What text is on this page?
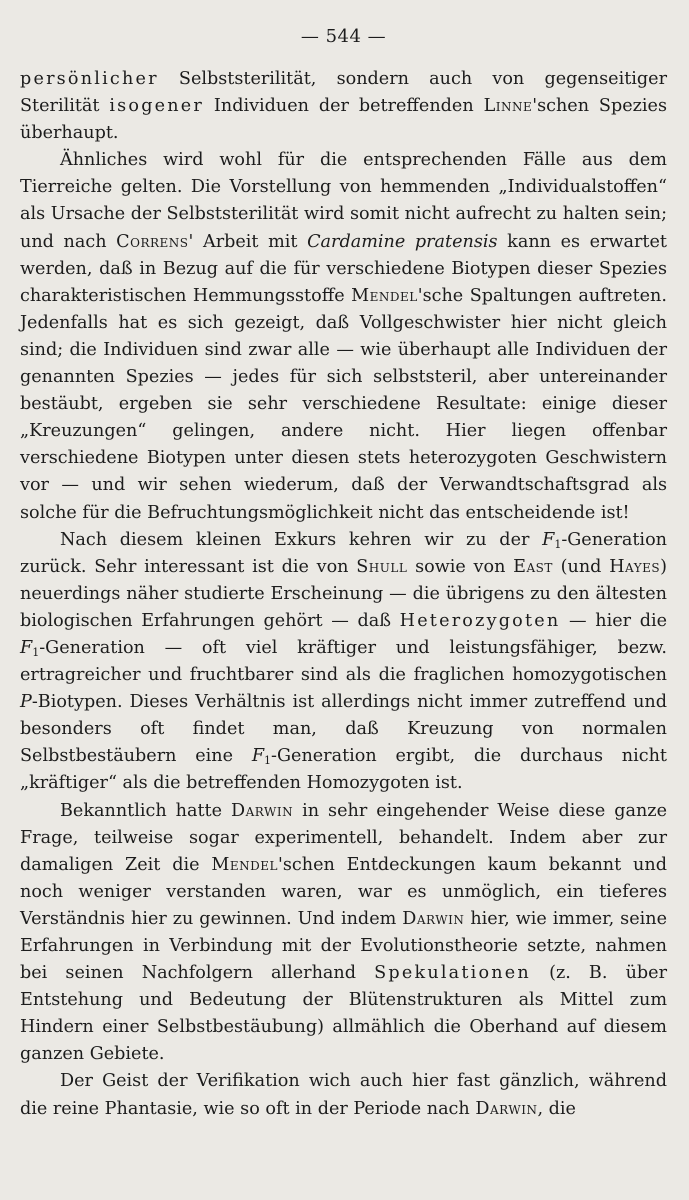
— 544 —

persönlicher Selbststerilität, sondern auch von gegenseitiger Sterilität isogener Individuen der betreffenden Linne'schen Spezies überhaupt.

Ähnliches wird wohl für die entsprechenden Fälle aus dem Tierreiche gelten. Die Vorstellung von hemmenden „Individualstoffen“ als Ursache der Selbststerilität wird somit nicht aufrecht zu halten sein; und nach Correns' Arbeit mit Cardamine pratensis kann es erwartet werden, daß in Bezug auf die für verschiedene Biotypen dieser Spezies charakteristischen Hemmungsstoffe Mendel'sche Spaltungen auftreten. Jedenfalls hat es sich gezeigt, daß Vollgeschwister hier nicht gleich sind; die Individuen sind zwar alle — wie überhaupt alle Individuen der genannten Spezies — jedes für sich selbststeril, aber untereinander bestäubt, ergeben sie sehr verschiedene Resultate: einige dieser „Kreuzungen“ gelingen, andere nicht. Hier liegen offenbar verschiedene Biotypen unter diesen stets heterozygoten Geschwistern vor — und wir sehen wiederum, daß der Verwandtschaftsgrad als solche für die Befruchtungsmöglichkeit nicht das entscheidende ist!

Nach diesem kleinen Exkurs kehren wir zu der $F_1$-Generation zurück. Sehr interessant ist die von Shull sowie von East (und Hayes) neuerdings näher studierte Erscheinung — die übrigens zu den ältesten biologischen Erfahrungen gehört — daß Heterozygoten — hier die $F_1$-Generation — oft viel kräftiger und leistungsfähiger, bezw. ertragreicher und fruchtbarer sind als die fraglichen homozygotischen P-Biotypen. Dieses Verhältnis ist allerdings nicht immer zutreffend und besonders oft findet man, daß Kreuzung von normalen Selbstbestäubern eine $F_1$-Generation ergibt, die durchaus nicht „kräftiger“ als die betreffenden Homozygoten ist.

Bekanntlich hatte Darwin in sehr eingehender Weise diese ganze Frage, teilweise sogar experimentell, behandelt. Indem aber zur damaligen Zeit die Mendel'schen Entdeckungen kaum bekannt und noch weniger verstanden waren, war es unmöglich, ein tieferes Verständnis hier zu gewinnen. Und indem Darwin hier, wie immer, seine Erfahrungen in Verbindung mit der Evolutionstheorie setzte, nahmen bei seinen Nachfolgern allerhand Spekulationen (z. B. über Entstehung und Bedeutung der Blütenstrukturen als Mittel zum Hindern einer Selbstbestäubung) allmählich die Oberhand auf diesem ganzen Gebiete.

Der Geist der Verifikation wich auch hier fast gänzlich, während die reine Phantasie, wie so oft in der Periode nach Darwin, die
